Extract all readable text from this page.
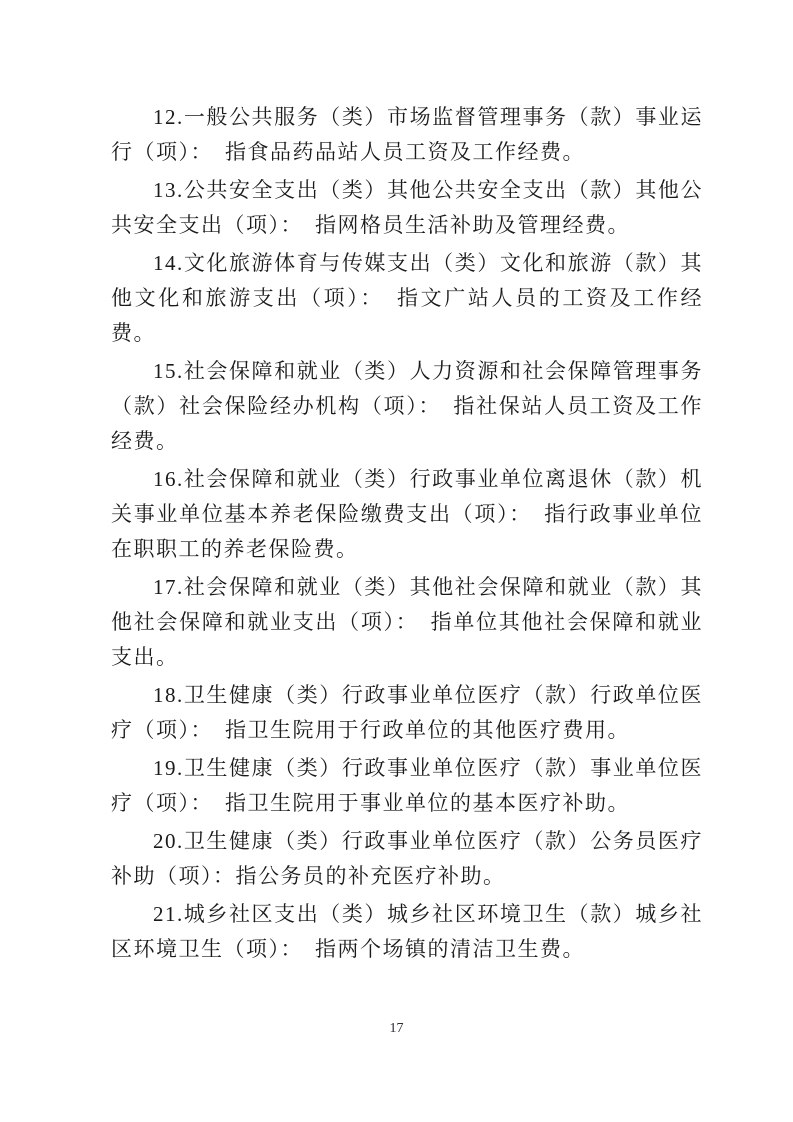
12.一般公共服务（类）市场监督管理事务（款）事业运行（项）：　指食品药品站人员工资及工作经费。

13.公共安全支出（类）其他公共安全支出（款）其他公共安全支出（项）：　指网格员生活补助及管理经费。

14.文化旅游体育与传媒支出（类）文化和旅游（款）其他文化和旅游支出（项）：　指文广站人员的工资及工作经费。

15.社会保障和就业（类）人力资源和社会保障管理事务（款）社会保险经办机构（项）：　指社保站人员工资及工作经费。

16.社会保障和就业（类）行政事业单位离退休（款）机关事业单位基本养老保险缴费支出（项）：　指行政事业单位在职职工的养老保险费。

17.社会保障和就业（类）其他社会保障和就业（款）其他社会保障和就业支出（项）：　指单位其他社会保障和就业支出。

18.卫生健康（类）行政事业单位医疗（款）行政单位医疗（项）：　指卫生院用于行政单位的其他医疗费用。

19.卫生健康（类）行政事业单位医疗（款）事业单位医疗（项）：　指卫生院用于事业单位的基本医疗补助。

20.卫生健康（类）行政事业单位医疗（款）公务员医疗补助（项）：指公务员的补充医疗补助。

21.城乡社区支出（类）城乡社区环境卫生（款）城乡社区环境卫生（项）：　指两个场镇的清洁卫生费。

17
